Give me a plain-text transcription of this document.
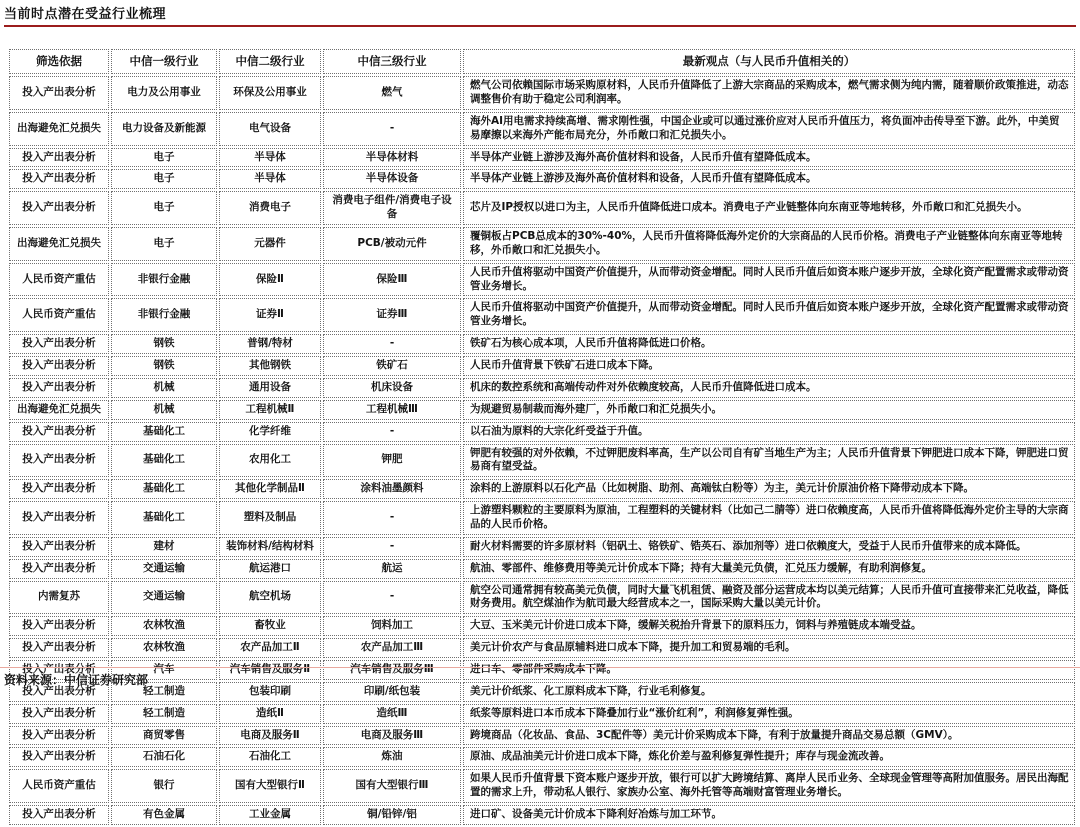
当前时点潜在受益行业梳理
筛选依据	中信一级行业	中信二级行业	中信三级行业	最新观点（与人民币升值相关的）
投入产出表分析	电力及公用事业	环保及公用事业	燃气	燃气公司依赖国际市场采购原材料，人民币升值降低了上游大宗商品的采购成本，燃气需求侧为纯内需，随着顺价政策推进，动态调整售价有助于稳定公司利润率。
出海避免汇兑损失	电力设备及新能源	电气设备	-	海外AI用电需求持续高增、需求刚性强，中国企业或可以通过涨价应对人民币升值压力，将负面冲击传导至下游。此外，中美贸易摩擦以来海外产能布局充分，外币敞口和汇兑损失小。
投入产出表分析	电子	半导体	半导体材料	半导体产业链上游涉及海外高价值材料和设备，人民币升值有望降低成本。
投入产出表分析	电子	半导体	半导体设备	半导体产业链上游涉及海外高价值材料和设备，人民币升值有望降低成本。
投入产出表分析	电子	消费电子	消费电子组件/消费电子设备	芯片及IP授权以进口为主，人民币升值降低进口成本。消费电子产业链整体向东南亚等地转移，外币敞口和汇兑损失小。
出海避免汇兑损失	电子	元器件	PCB/被动元件	覆铜板占PCB总成本的30%-40%，人民币升值将降低海外定价的大宗商品的人民币价格。消费电子产业链整体向东南亚等地转移，外币敞口和汇兑损失小。
人民币资产重估	非银行金融	保险Ⅱ	保险Ⅲ	人民币升值将驱动中国资产价值提升，从而带动资金增配。同时人民币升值后如资本账户逐步开放，全球化资产配置需求或带动资管业务增长。
人民币资产重估	非银行金融	证券Ⅱ	证券Ⅲ	人民币升值将驱动中国资产价值提升，从而带动资金增配。同时人民币升值后如资本账户逐步开放，全球化资产配置需求或带动资管业务增长。
投入产出表分析	钢铁	普钢/特材	-	铁矿石为核心成本项，人民币升值将降低进口价格。
投入产出表分析	钢铁	其他钢铁	铁矿石	人民币升值背景下铁矿石进口成本下降。
投入产出表分析	机械	通用设备	机床设备	机床的数控系统和高端传动件对外依赖度较高，人民币升值降低进口成本。
出海避免汇兑损失	机械	工程机械Ⅱ	工程机械Ⅲ	为规避贸易制裁而海外建厂，外币敞口和汇兑损失小。
投入产出表分析	基础化工	化学纤维	-	以石油为原料的大宗化纤受益于升值。
投入产出表分析	基础化工	农用化工	钾肥	钾肥有较强的对外依赖，不过钾肥废料率高，生产以公司自有矿当地生产为主；人民币升值背景下钾肥进口成本下降，钾肥进口贸易商有望受益。
投入产出表分析	基础化工	其他化学制品Ⅱ	涂料油墨颜料	涂料的上游原料以石化产品（比如树脂、助剂、高端钛白粉等）为主，美元计价原油价格下降带动成本下降。
投入产出表分析	基础化工	塑料及制品	-	上游塑料颗粒的主要原料为原油，工程塑料的关键材料（比如己二腈等）进口依赖度高，人民币升值将降低海外定价主导的大宗商品的人民币价格。
投入产出表分析	建材	装饰材料/结构材料	-	耐火材料需要的许多原材料（铝矾土、铬铁矿、锆英石、添加剂等）进口依赖度大，受益于人民币升值带来的成本降低。
投入产出表分析	交通运输	航运港口	航运	航油、零部件、维修费用等美元计价成本下降；持有大量美元负债，汇兑压力缓解，有助利润修复。
内需复苏	交通运输	航空机场	-	航空公司通常拥有较高美元负债，同时大量飞机租赁、融资及部分运营成本均以美元结算；人民币升值可直接带来汇兑收益，降低财务费用。航空煤油作为航司最大经营成本之一，国际采购大量以美元计价。
投入产出表分析	农林牧渔	畜牧业	饲料加工	大豆、玉米美元计价进口成本下降，缓解关税抬升背景下的原料压力，饲料与养殖链成本端受益。
投入产出表分析	农林牧渔	农产品加工Ⅱ	农产品加工Ⅲ	美元计价农产与食品原辅料进口成本下降，提升加工和贸易端的毛利。
投入产出表分析	汽车	汽车销售及服务Ⅱ	汽车销售及服务Ⅲ	进口车、零部件采购成本下降。
投入产出表分析	轻工制造	包装印刷	印刷/纸包装	美元计价纸浆、化工原料成本下降，行业毛利修复。
投入产出表分析	轻工制造	造纸Ⅱ	造纸Ⅲ	纸浆等原料进口本币成本下降叠加行业“涨价红利”，利润修复弹性强。
投入产出表分析	商贸零售	电商及服务Ⅱ	电商及服务Ⅲ	跨境商品（化妆品、食品、3C配件等）美元计价采购成本下降，有利于放量提升商品交易总额（GMV）。
投入产出表分析	石油石化	石油化工	炼油	原油、成品油美元计价进口成本下降，炼化价差与盈利修复弹性提升；库存与现金流改善。
人民币资产重估	银行	国有大型银行Ⅱ	国有大型银行Ⅲ	如果人民币升值背景下资本账户逐步开放，银行可以扩大跨境结算、离岸人民币业务、全球现金管理等高附加值服务。居民出海配置的需求上升，带动私人银行、家族办公室、海外托管等高端财富管理业务增长。
投入产出表分析	有色金属	工业金属	铜/铅锌/铝	进口矿、设备美元计价成本下降利好冶炼与加工环节。
资料来源：中信证券研究部
